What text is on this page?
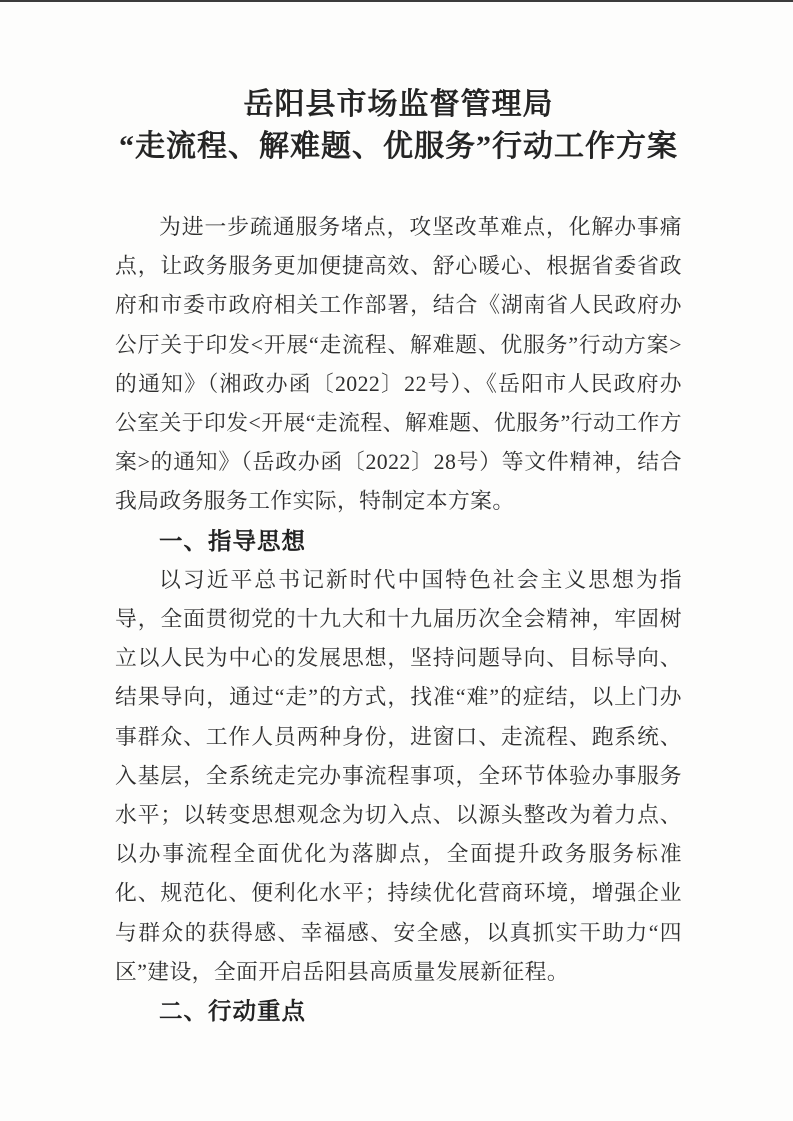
岳阳县市场监督管理局
“走流程、解难题、优服务”行动工作方案

为进一步疏通服务堵点，攻坚改革难点，化解办事痛点，让政务服务更加便捷高效、舒心暖心、根据省委省政府和市委市政府相关工作部署，结合《湖南省人民政府办公厅关于印发<开展“走流程、解难题、优服务”行动方案>的通知》（湘政办函〔2022〕22号）、《岳阳市人民政府办公室关于印发<开展“走流程、解难题、优服务”行动工作方案>的通知》（岳政办函〔2022〕28号）等文件精神，结合我局政务服务工作实际，特制定本方案。

一、指导思想

以习近平总书记新时代中国特色社会主义思想为指导，全面贯彻党的十九大和十九届历次全会精神，牢固树立以人民为中心的发展思想，坚持问题导向、目标导向、结果导向，通过“走”的方式，找准“难”的症结，以上门办事群众、工作人员两种身份，进窗口、走流程、跑系统、入基层，全系统走完办事流程事项，全环节体验办事服务水平；以转变思想观念为切入点、以源头整改为着力点、以办事流程全面优化为落脚点，全面提升政务服务标准化、规范化、便利化水平；持续优化营商环境，增强企业与群众的获得感、幸福感、安全感，以真抓实干助力“四区”建设，全面开启岳阳县高质量发展新征程。

二、行动重点
